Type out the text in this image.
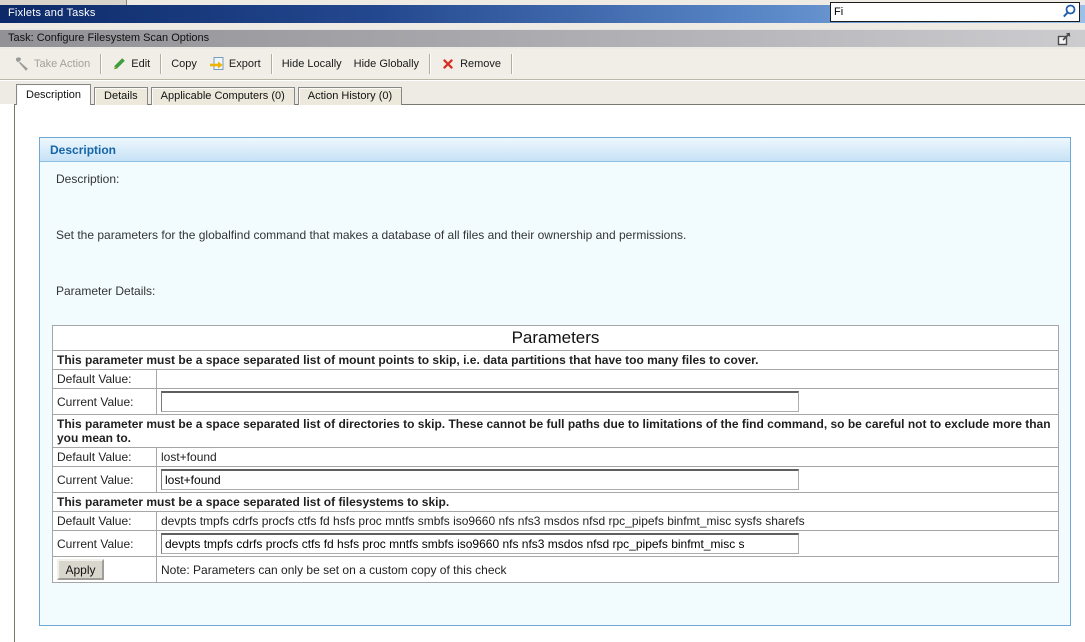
Fixlets and Tasks
Fi
Task: Configure Filesystem Scan Options
Take Action	Edit Copy	Export Hide Locally Hide Globally	Remove
Description	Details	Applicable Computers (0)	Action History (0)
Description
Description:
Set the parameters for the globalfind command that makes a database of all files and their ownership and permissions.
Parameter Details:
Parameters	
This parameter must be a space separated list of mount points to skip, i.e. data partitions that have too many files to cover.	
Default Value:	
Current Value:	
This parameter must be a space separated list of directories to skip. These cannot be full paths due to limitations of the find command, so be careful not to exclude more than you mean to.	
Default Value:	lost+found
Current Value:	lost+found
This parameter must be a space separated list of filesystems to skip.	
Default Value:	devpts tmpfs cdrfs procfs ctfs fd hsfs proc mntfs smbfs iso9660 nfs nfs3 msdos nfsd rpc_pipefs binfmt_misc sysfs sharefs
Current Value:	devpts tmpfs cdrfs procfs ctfs fd hsfs proc mntfs smbfs iso9660 nfs nfs3 msdos nfsd rpc_pipefs binfmt_misc s
Apply	Note: Parameters can only be set on a custom copy of this check
